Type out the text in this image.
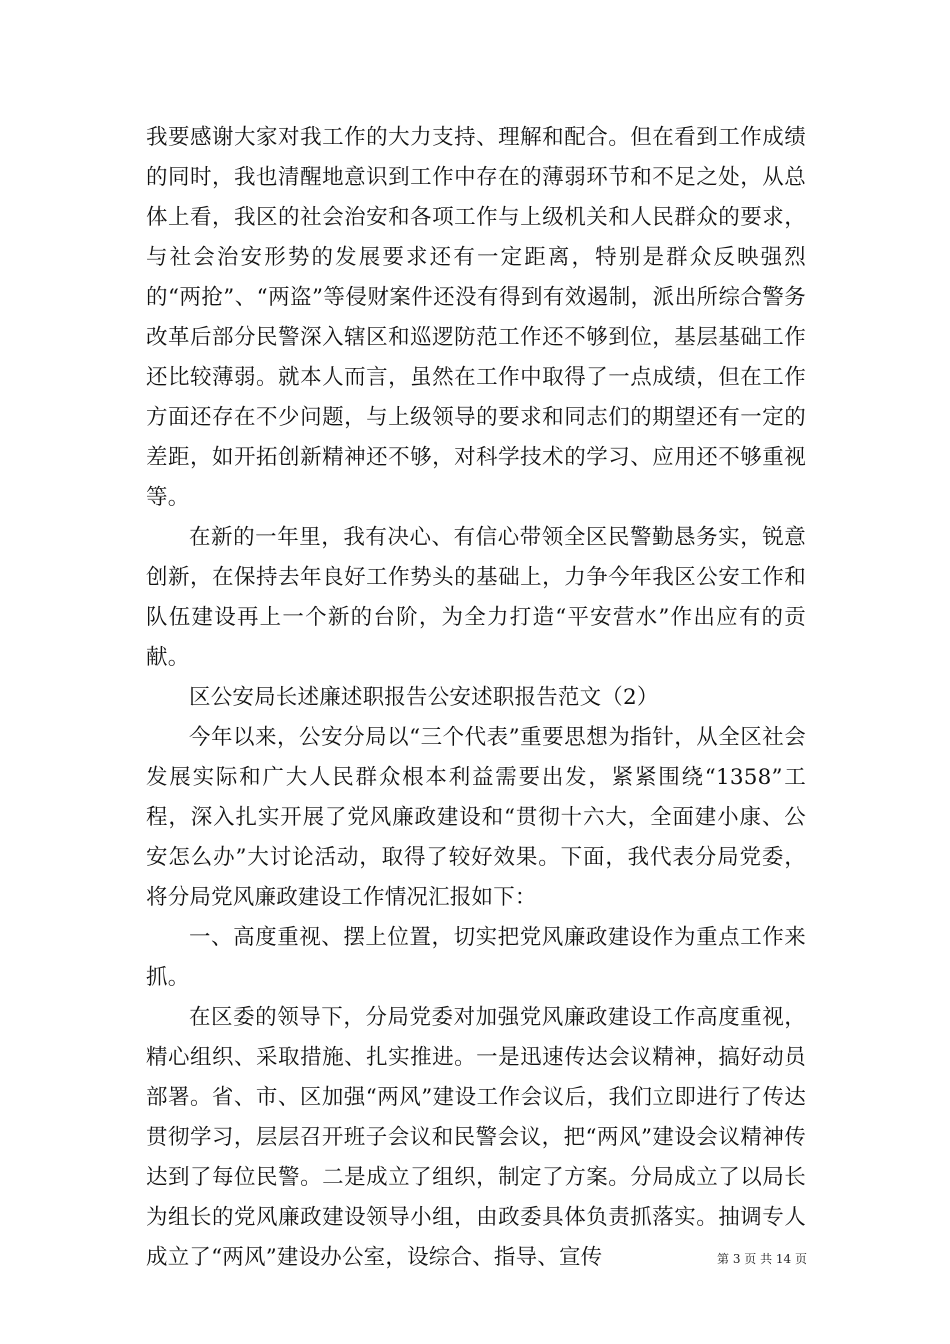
我要感谢大家对我工作的大力支持、理解和配合。但在看到工作成绩的同时，我也清醒地意识到工作中存在的薄弱环节和不足之处，从总体上看，我区的社会治安和各项工作与上级机关和人民群众的要求，与社会治安形势的发展要求还有一定距离，特别是群众反映强烈的“两抢”、“两盗”等侵财案件还没有得到有效遏制，派出所综合警务改革后部分民警深入辖区和巡逻防范工作还不够到位，基层基础工作还比较薄弱。就本人而言，虽然在工作中取得了一点成绩，但在工作方面还存在不少问题，与上级领导的要求和同志们的期望还有一定的差距，如开拓创新精神还不够，对科学技术的学习、应用还不够重视等。

在新的一年里，我有决心、有信心带领全区民警勤恳务实，锐意创新，在保持去年良好工作势头的基础上，力争今年我区公安工作和队伍建设再上一个新的台阶，为全力打造“平安营水”作出应有的贡献。

区公安局长述廉述职报告公安述职报告范文（2）

今年以来，公安分局以“三个代表”重要思想为指针，从全区社会发展实际和广大人民群众根本利益需要出发，紧紧围绕“1358”工程，深入扎实开展了党风廉政建设和“贯彻十六大，全面建小康、公安怎么办”大讨论活动，取得了较好效果。下面，我代表分局党委，将分局党风廉政建设工作情况汇报如下：

一、高度重视、摆上位置，切实把党风廉政建设作为重点工作来抓。

在区委的领导下，分局党委对加强党风廉政建设工作高度重视，精心组织、采取措施、扎实推进。一是迅速传达会议精神，搞好动员部署。省、市、区加强“两风”建设工作会议后，我们立即进行了传达贯彻学习，层层召开班子会议和民警会议，把“两风”建设会议精神传达到了每位民警。二是成立了组织，制定了方案。分局成立了以局长为组长的党风廉政建设领导小组，由政委具体负责抓落实。抽调专人成立了“两风”建设办公室，设综合、指导、宣传	第 3 页 共 14 页
